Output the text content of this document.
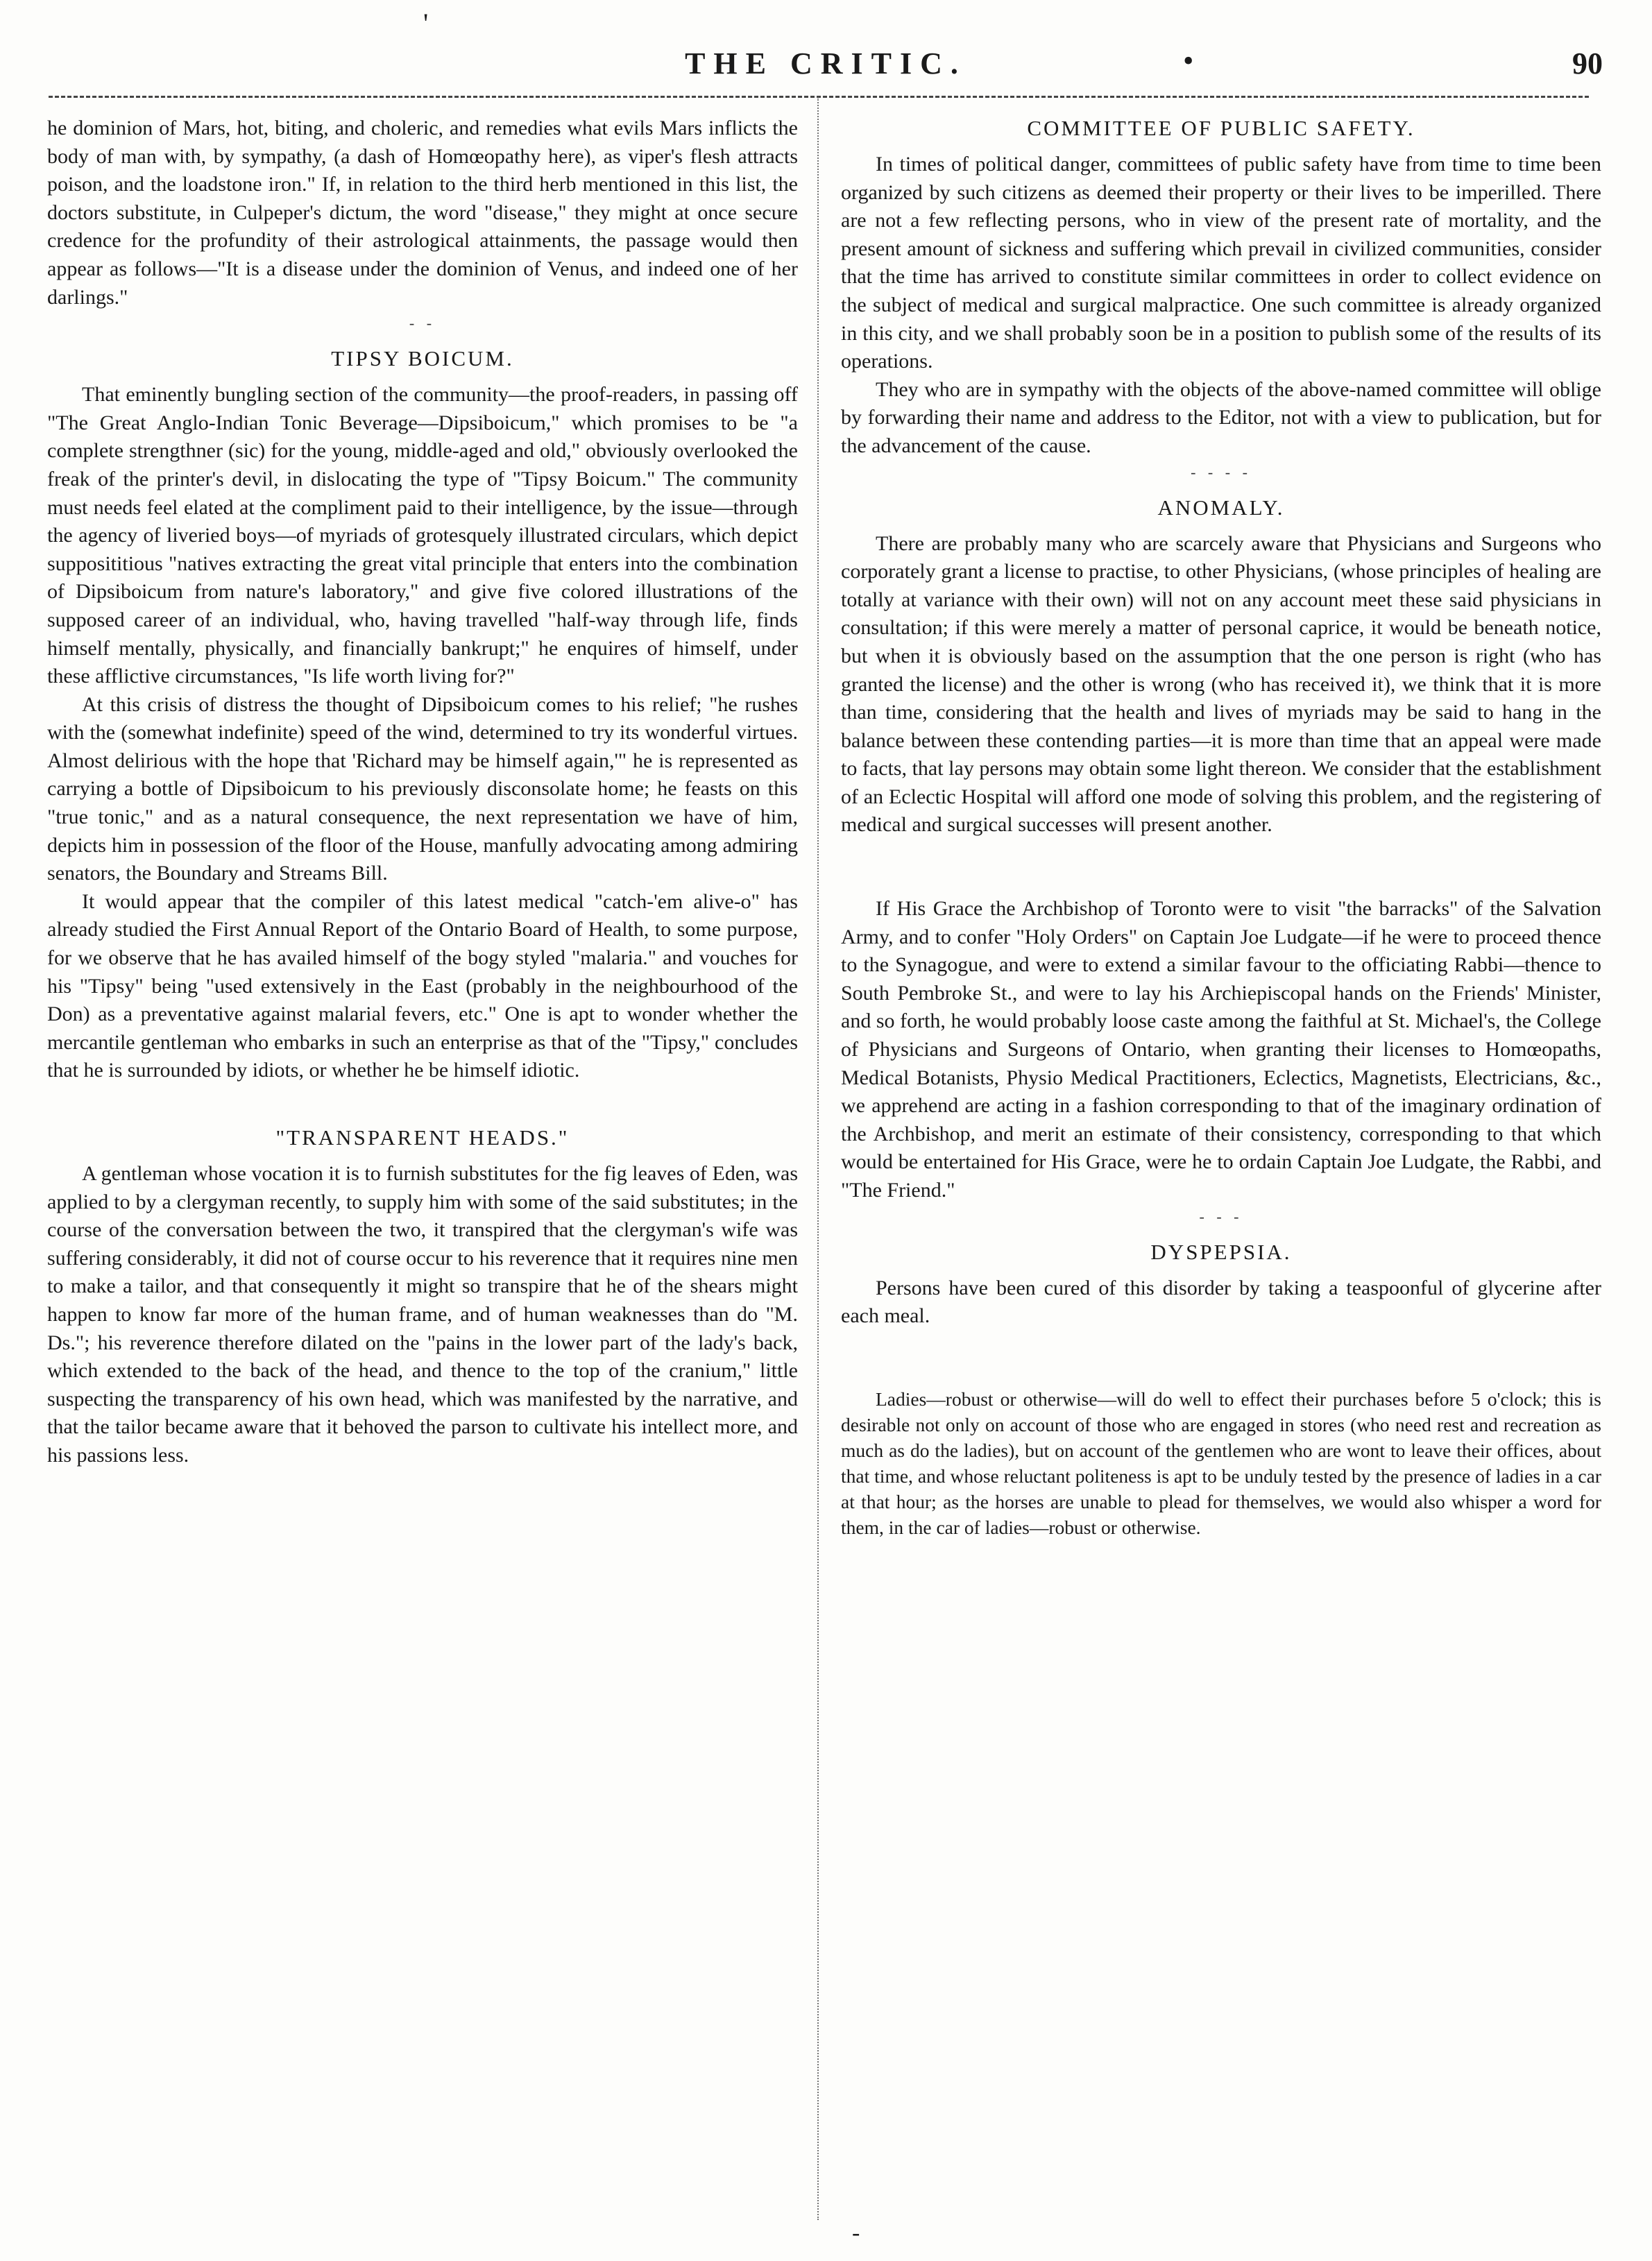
'
THE CRITIC.	•	90

he dominion of Mars, hot, biting, and choleric, and remedies what evils Mars inflicts the body of man with, by sympathy, (a dash of Homœopathy here), as viper's flesh attracts poison, and the loadstone iron." If, in relation to the third herb mentioned in this list, the doctors substitute, in Culpeper's dictum, the word "disease," they might at once secure credence for the profundity of their astrological attainments, the passage would then appear as follows—"It is a disease under the dominion of Venus, and indeed one of her darlings."

- -
TIPSY BOICUM.

That eminently bungling section of the community—the proof-readers, in passing off "The Great Anglo-Indian Tonic Beverage—Dipsiboicum," which promises to be "a complete strengthner (sic) for the young, middle-aged and old," obviously overlooked the freak of the printer's devil, in dislocating the type of "Tipsy Boicum." The community must needs feel elated at the compliment paid to their intelligence, by the issue—through the agency of liveried boys—of myriads of grotesquely illustrated circulars, which depict supposititious "natives extracting the great vital principle that enters into the combination of Dipsiboicum from nature's laboratory," and give five colored illustrations of the supposed career of an individual, who, having travelled "half-way through life, finds himself mentally, physically, and financially bankrupt;" he enquires of himself, under these afflictive circumstances, "Is life worth living for?"

At this crisis of distress the thought of Dipsiboicum comes to his relief; "he rushes with the (somewhat indefinite) speed of the wind, determined to try its wonderful virtues. Almost delirious with the hope that 'Richard may be himself again,'" he is represented as carrying a bottle of Dipsiboicum to his previously disconsolate home; he feasts on this "true tonic," and as a natural consequence, the next representation we have of him, depicts him in possession of the floor of the House, manfully advocating among admiring senators, the Boundary and Streams Bill.

It would appear that the compiler of this latest medical "catch-'em alive-o" has already studied the First Annual Report of the Ontario Board of Health, to some purpose, for we observe that he has availed himself of the bogy styled "malaria." and vouches for his "Tipsy" being "used extensively in the East (probably in the neighbourhood of the Don) as a preventative against malarial fevers, etc." One is apt to wonder whether the mercantile gentleman who embarks in such an enterprise as that of the "Tipsy," concludes that he is surrounded by idiots, or whether he be himself idiotic.

"TRANSPARENT HEADS."

A gentleman whose vocation it is to furnish substitutes for the fig leaves of Eden, was applied to by a clergyman recently, to supply him with some of the said substitutes; in the course of the conversation between the two, it transpired that the clergyman's wife was suffering considerably, it did not of course occur to his reverence that it requires nine men to make a tailor, and that consequently it might so transpire that he of the shears might happen to know far more of the human frame, and of human weaknesses than do "M. Ds."; his reverence therefore dilated on the "pains in the lower part of the lady's back, which extended to the back of the head, and thence to the top of the cranium," little suspecting the transparency of his own head, which was manifested by the narrative, and that the tailor became aware that it behoved the parson to cultivate his intellect more, and his passions less.

COMMITTEE OF PUBLIC SAFETY.

In times of political danger, committees of public safety have from time to time been organized by such citizens as deemed their property or their lives to be imperilled. There are not a few reflecting persons, who in view of the present rate of mortality, and the present amount of sickness and suffering which prevail in civilized communities, consider that the time has arrived to constitute similar committees in order to collect evidence on the subject of medical and surgical malpractice. One such committee is already organized in this city, and we shall probably soon be in a position to publish some of the results of its operations.

They who are in sympathy with the objects of the above-named committee will oblige by forwarding their name and address to the Editor, not with a view to publication, but for the advancement of the cause.

- - - -
ANOMALY.

There are probably many who are scarcely aware that Physicians and Surgeons who corporately grant a license to practise, to other Physicians, (whose principles of healing are totally at variance with their own) will not on any account meet these said physicians in consultation; if this were merely a matter of personal caprice, it would be beneath notice, but when it is obviously based on the assumption that the one person is right (who has granted the license) and the other is wrong (who has received it), we think that it is more than time, considering that the health and lives of myriads may be said to hang in the balance between these contending parties—it is more than time that an appeal were made to facts, that lay persons may obtain some light thereon. We consider that the establishment of an Eclectic Hospital will afford one mode of solving this problem, and the registering of medical and surgical successes will present another.

If His Grace the Archbishop of Toronto were to visit "the barracks" of the Salvation Army, and to confer "Holy Orders" on Captain Joe Ludgate—if he were to proceed thence to the Synagogue, and were to extend a similar favour to the officiating Rabbi—thence to South Pembroke St., and were to lay his Archiepiscopal hands on the Friends' Minister, and so forth, he would probably loose caste among the faithful at St. Michael's, the College of Physicians and Surgeons of Ontario, when granting their licenses to Homœopaths, Medical Botanists, Physio Medical Practitioners, Eclectics, Magnetists, Electricians, &c., we apprehend are acting in a fashion corresponding to that of the imaginary ordination of the Archbishop, and merit an estimate of their consistency, corresponding to that which would be entertained for His Grace, were he to ordain Captain Joe Ludgate, the Rabbi, and "The Friend."

- - -
DYSPEPSIA.

Persons have been cured of this disorder by taking a teaspoonful of glycerine after each meal.

Ladies—robust or otherwise—will do well to effect their purchases before 5 o'clock; this is desirable not only on account of those who are engaged in stores (who need rest and recreation as much as do the ladies), but on account of the gentlemen who are wont to leave their offices, about that time, and whose reluctant politeness is apt to be unduly tested by the presence of ladies in a car at that hour; as the horses are unable to plead for themselves, we would also whisper a word for them, in the car of ladies—robust or otherwise.

-
